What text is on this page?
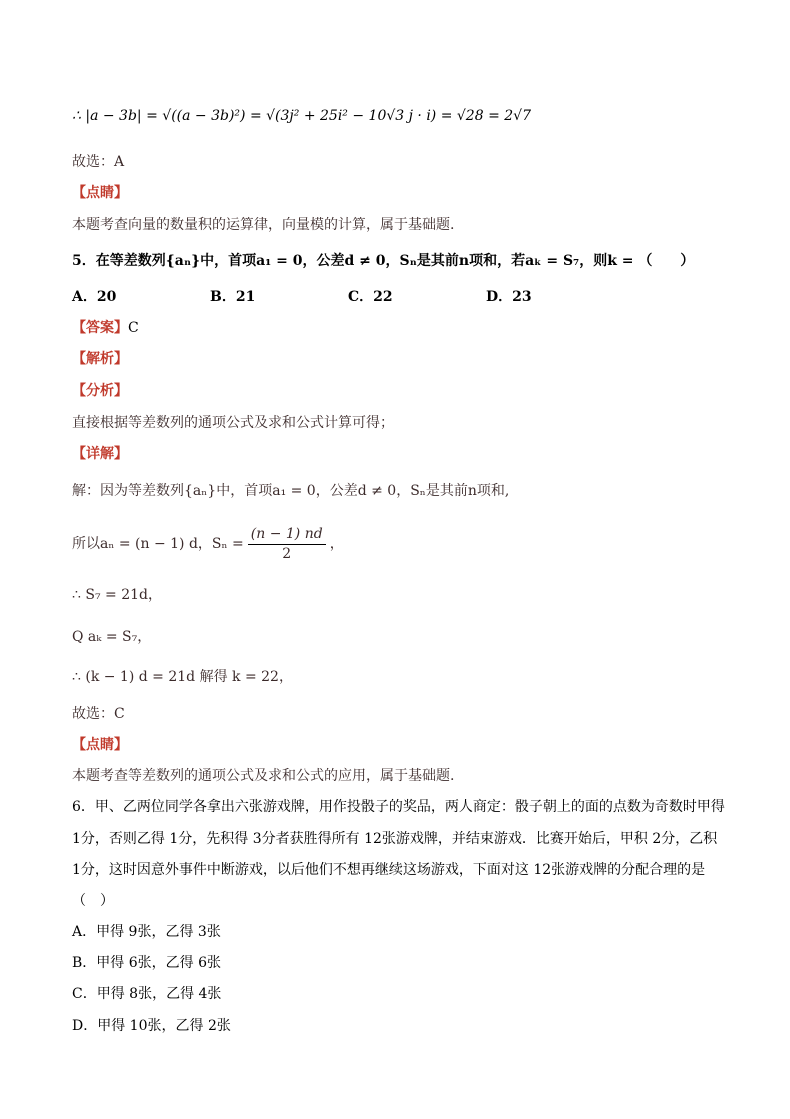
∴ |a − 3b| = √((a − 3b)²) = √(3j² + 25i² − 10√3 j · i) = √28 = 2√7
故选：A
【点睛】
本题考查向量的数量积的运算律，向量模的计算，属于基础题.
5．在等差数列{aₙ}中，首项a₁ = 0，公差d ≠ 0，Sₙ是其前n项和，若aₖ = S₇，则k = （　　）
A．20	B．21	C．22	D．23
【答案】C
【解析】
【分析】
直接根据等差数列的通项公式及求和公式计算可得；
【详解】
解：因为等差数列{aₙ}中，首项a₁ = 0，公差d ≠ 0，Sₙ是其前n项和,
所以aₙ = (n − 1) d，$S_n = \frac{(n - 1) nd}{2}$ ，
∴ S₇ = 21d，
Q aₖ = S₇，
∴ (k − 1) d = 21d 解得 k = 22，
故选：C
【点睛】
本题考查等差数列的通项公式及求和公式的应用，属于基础题.
6．甲、乙两位同学各拿出六张游戏牌，用作投骰子的奖品，两人商定：骰子朝上的面的点数为奇数时甲得
1分，否则乙得 1分，先积得 3分者获胜得所有 12张游戏牌，并结束游戏．比赛开始后，甲积 2分，乙积
1分，这时因意外事件中断游戏，以后他们不想再继续这场游戏，下面对这 12张游戏牌的分配合理的是
（　）
A．甲得 9张，乙得 3张
B．甲得 6张，乙得 6张
C．甲得 8张，乙得 4张
D．甲得 10张，乙得 2张
